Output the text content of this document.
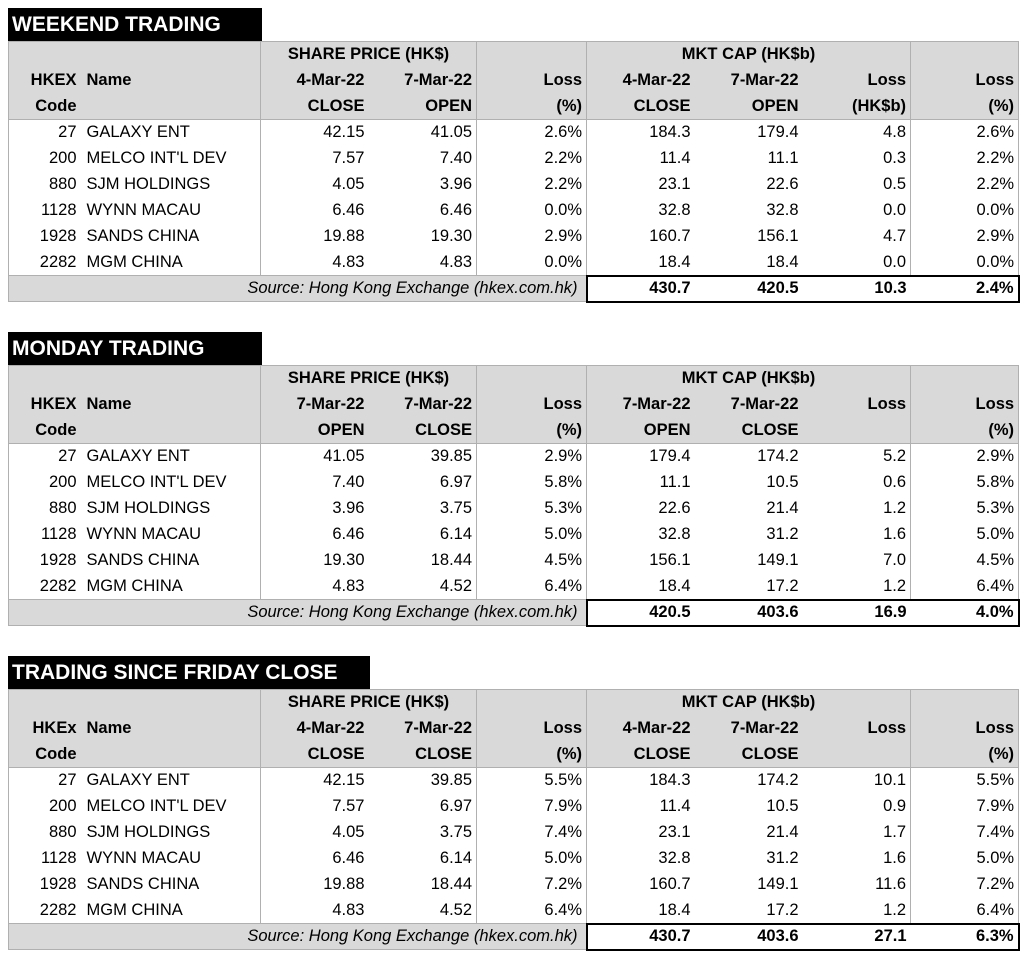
WEEKEND TRADING
		SHARE PRICE (HK$)			MKT CAP (HK$b)			
HKEX	Name	4-Mar-22	7-Mar-22	Loss	4-Mar-22	7-Mar-22	Loss	Loss
Code		CLOSE	OPEN	(%)	CLOSE	OPEN	(HK$b)	(%)
27	GALAXY ENT	42.15	41.05	2.6%	184.3	179.4	4.8	2.6%
200	MELCO INT'L DEV	7.57	7.40	2.2%	11.4	11.1	0.3	2.2%
880	SJM HOLDINGS	4.05	3.96	2.2%	23.1	22.6	0.5	2.2%
1128	WYNN MACAU	6.46	6.46	0.0%	32.8	32.8	0.0	0.0%
1928	SANDS CHINA	19.88	19.30	2.9%	160.7	156.1	4.7	2.9%
2282	MGM CHINA	4.83	4.83	0.0%	18.4	18.4	0.0	0.0%
Source: Hong Kong Exchange (hkex.com.hk)					430.7	420.5	10.3	2.4%
MONDAY TRADING
		SHARE PRICE (HK$)			MKT CAP (HK$b)			
HKEX	Name	7-Mar-22	7-Mar-22	Loss	7-Mar-22	7-Mar-22	Loss	Loss
Code		OPEN	CLOSE	(%)	OPEN	CLOSE		(%)
27	GALAXY ENT	41.05	39.85	2.9%	179.4	174.2	5.2	2.9%
200	MELCO INT'L DEV	7.40	6.97	5.8%	11.1	10.5	0.6	5.8%
880	SJM HOLDINGS	3.96	3.75	5.3%	22.6	21.4	1.2	5.3%
1128	WYNN MACAU	6.46	6.14	5.0%	32.8	31.2	1.6	5.0%
1928	SANDS CHINA	19.30	18.44	4.5%	156.1	149.1	7.0	4.5%
2282	MGM CHINA	4.83	4.52	6.4%	18.4	17.2	1.2	6.4%
Source: Hong Kong Exchange (hkex.com.hk)					420.5	403.6	16.9	4.0%
TRADING SINCE FRIDAY CLOSE
		SHARE PRICE (HK$)			MKT CAP (HK$b)			
HKEx	Name	4-Mar-22	7-Mar-22	Loss	4-Mar-22	7-Mar-22	Loss	Loss
Code		CLOSE	CLOSE	(%)	CLOSE	CLOSE		(%)
27	GALAXY ENT	42.15	39.85	5.5%	184.3	174.2	10.1	5.5%
200	MELCO INT'L DEV	7.57	6.97	7.9%	11.4	10.5	0.9	7.9%
880	SJM HOLDINGS	4.05	3.75	7.4%	23.1	21.4	1.7	7.4%
1128	WYNN MACAU	6.46	6.14	5.0%	32.8	31.2	1.6	5.0%
1928	SANDS CHINA	19.88	18.44	7.2%	160.7	149.1	11.6	7.2%
2282	MGM CHINA	4.83	4.52	6.4%	18.4	17.2	1.2	6.4%
Source: Hong Kong Exchange (hkex.com.hk)					430.7	403.6	27.1	6.3%
